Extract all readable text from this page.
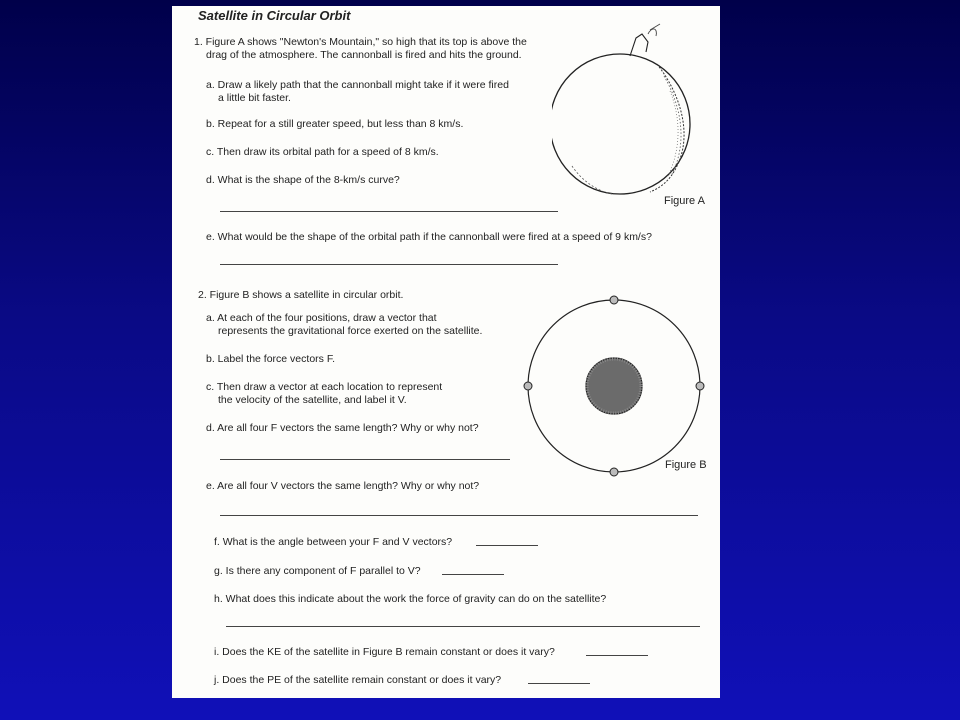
Satellite in Circular Orbit
1. Figure A shows "Newton's Mountain," so high that its top is above the
drag of the atmosphere. The cannonball is fired and hits the ground.
a. Draw a likely path that the cannonball might take if it were fired
a little bit faster.
b. Repeat for a still greater speed, but less than 8 km/s.
c. Then draw its orbital path for a speed of 8 km/s.
d. What is the shape of the 8-km/s curve?
e. What would be the shape of the orbital path if the cannonball were fired at a speed of 9 km/s?
Figure A
2. Figure B shows a satellite in circular orbit.
a. At each of the four positions, draw a vector that
represents the gravitational force exerted on the satellite.
b. Label the force vectors F.
c. Then draw a vector at each location to represent
the velocity of the satellite, and label it V.
d. Are all four F vectors the same length? Why or why not?
e. Are all four V vectors the same length? Why or why not?
f. What is the angle between your F and V vectors?
g. Is there any component of F parallel to V?
h. What does this indicate about the work the force of gravity can do on the satellite?
i. Does the KE of the satellite in Figure B remain constant or does it vary?
j. Does the PE of the satellite remain constant or does it vary?
Figure B
